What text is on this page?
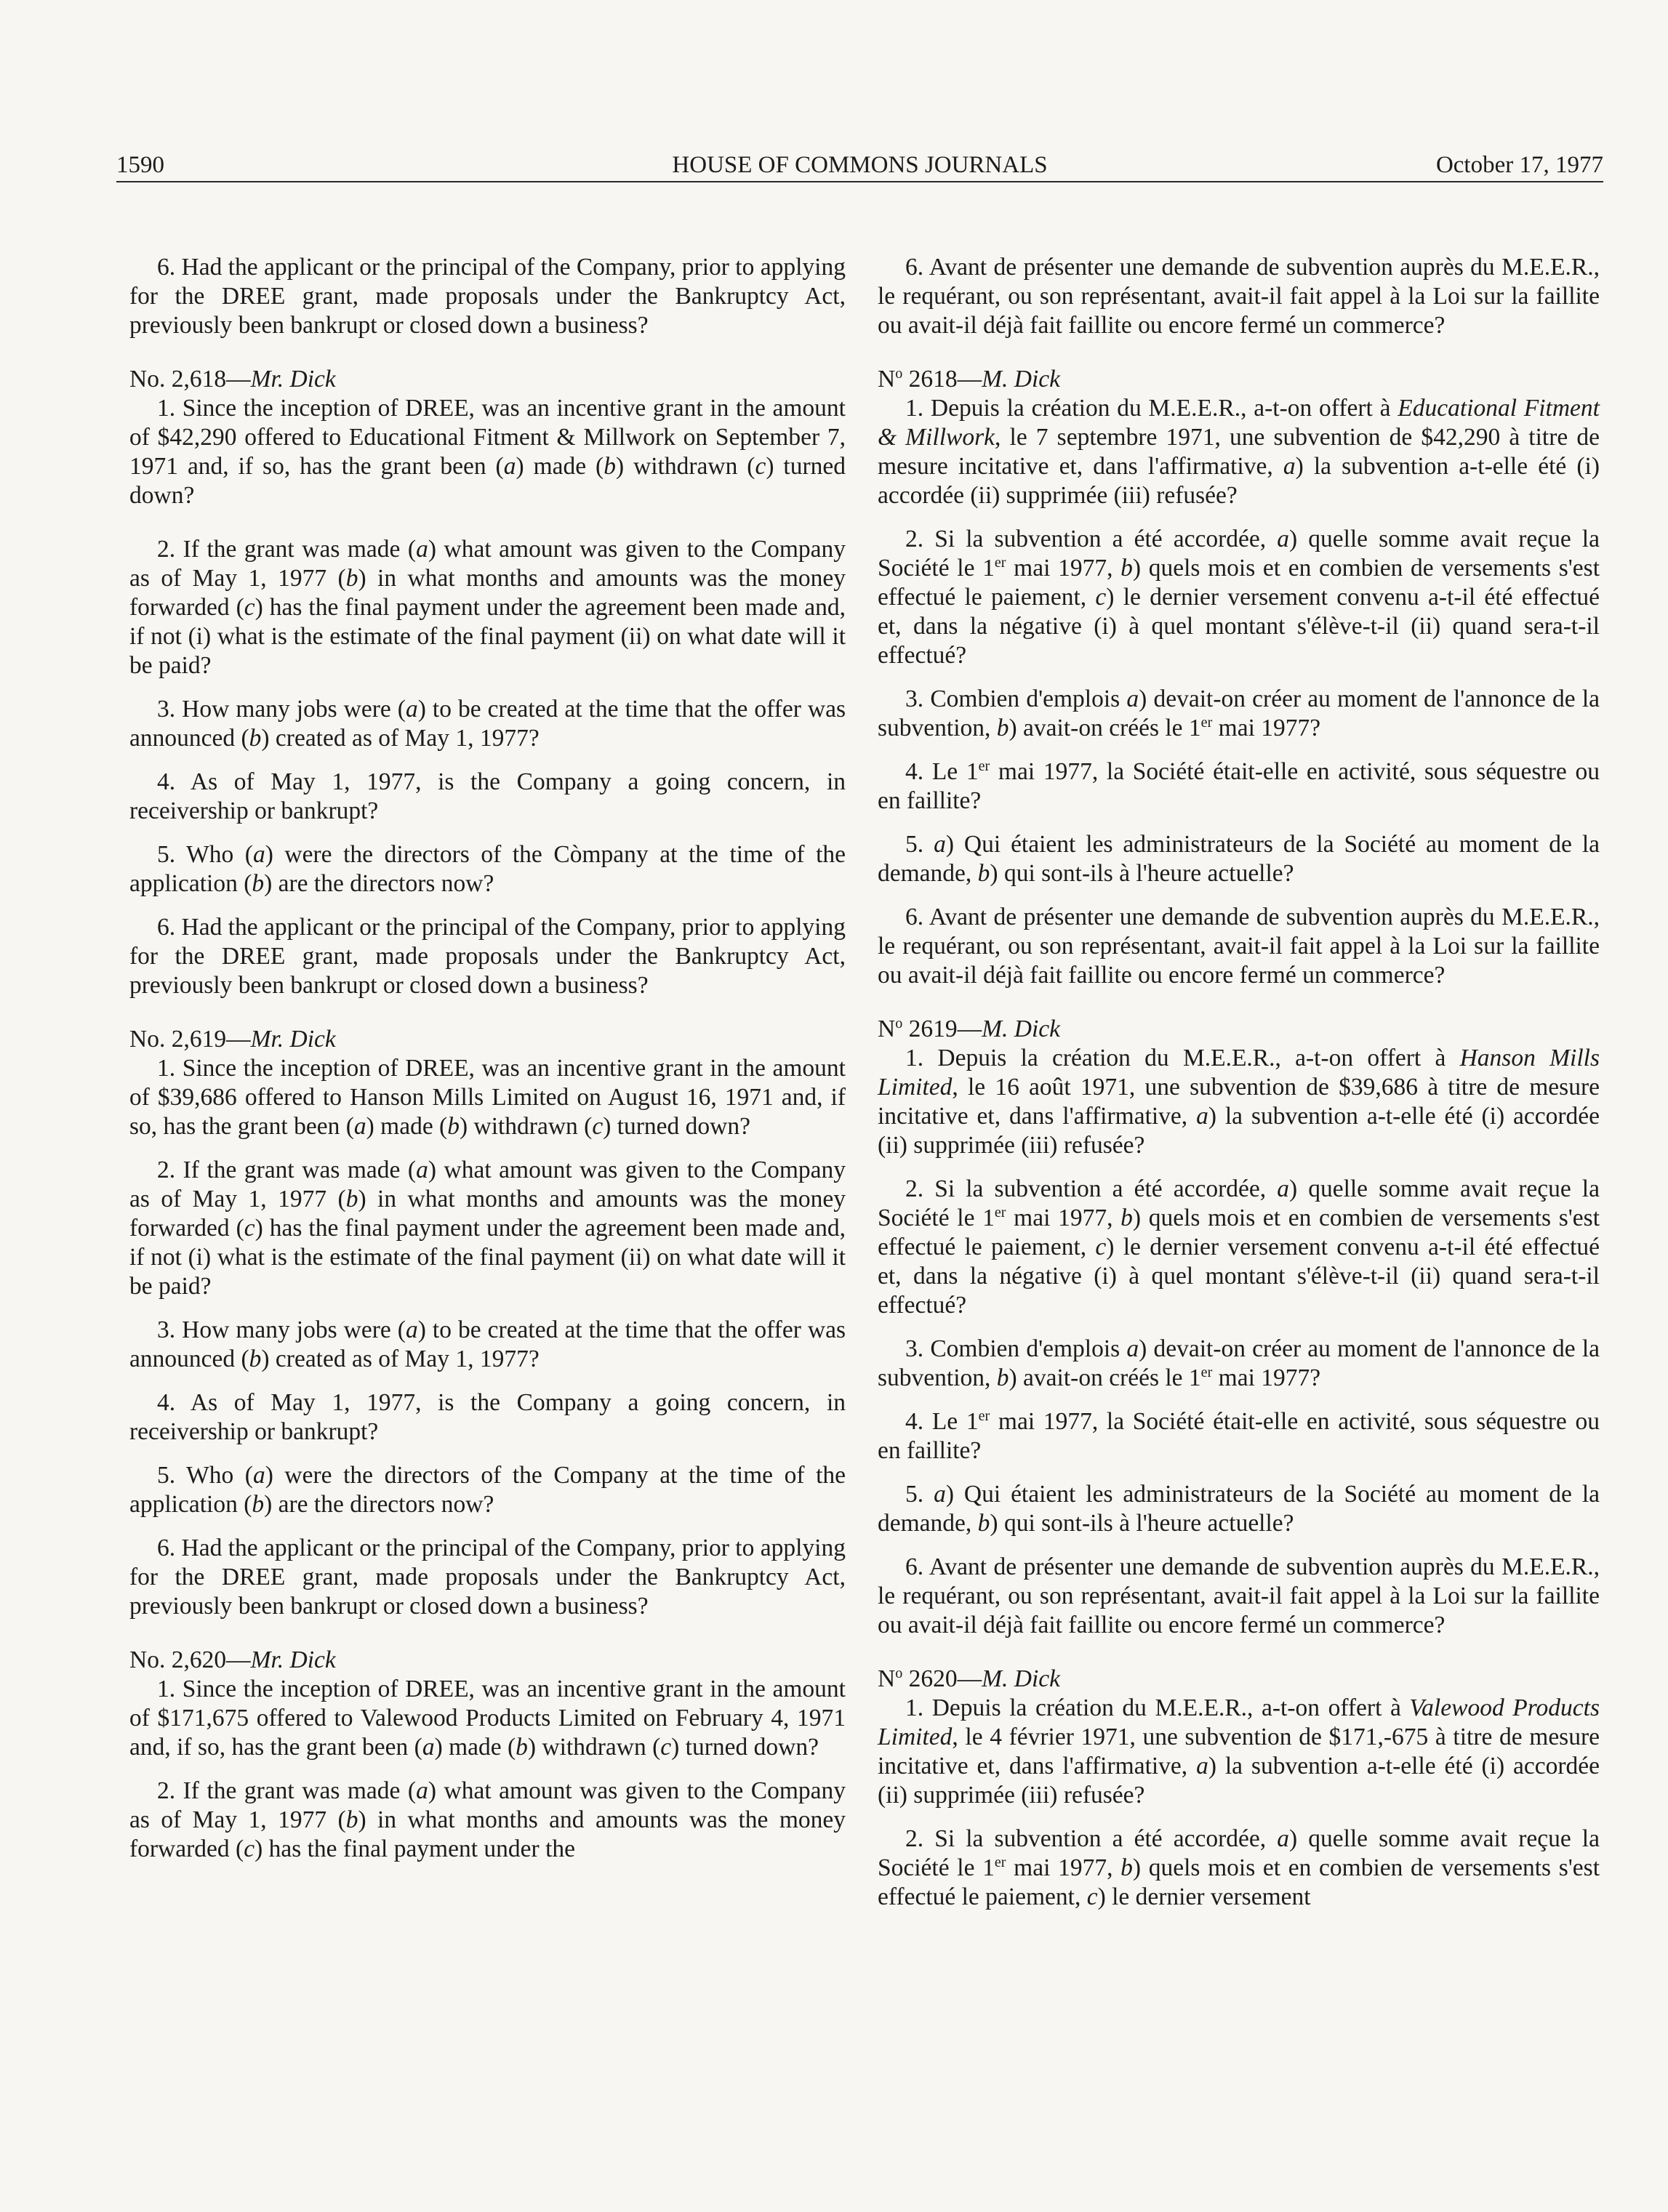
1590	HOUSE OF COMMONS JOURNALS	October 17, 1977

6. Had the applicant or the principal of the Company, prior to applying for the DREE grant, made proposals under the Bankruptcy Act, previously been bankrupt or closed down a business?

No. 2,618—Mr. Dick

1. Since the inception of DREE, was an incentive grant in the amount of $42,290 offered to Educational Fitment & Millwork on September 7, 1971 and, if so, has the grant been (a) made (b) withdrawn (c) turned down?

2. If the grant was made (a) what amount was given to the Company as of May 1, 1977 (b) in what months and amounts was the money forwarded (c) has the final payment under the agreement been made and, if not (i) what is the estimate of the final payment (ii) on what date will it be paid?

3. How many jobs were (a) to be created at the time that the offer was announced (b) created as of May 1, 1977?

4. As of May 1, 1977, is the Company a going concern, in receivership or bankrupt?

5. Who (a) were the directors of the Còmpany at the time of the application (b) are the directors now?

6. Had the applicant or the principal of the Company, prior to applying for the DREE grant, made proposals under the Bankruptcy Act, previously been bankrupt or closed down a business?

No. 2,619—Mr. Dick

1. Since the inception of DREE, was an incentive grant in the amount of $39,686 offered to Hanson Mills Limited on August 16, 1971 and, if so, has the grant been (a) made (b) withdrawn (c) turned down?

2. If the grant was made (a) what amount was given to the Company as of May 1, 1977 (b) in what months and amounts was the money forwarded (c) has the final payment under the agreement been made and, if not (i) what is the estimate of the final payment (ii) on what date will it be paid?

3. How many jobs were (a) to be created at the time that the offer was announced (b) created as of May 1, 1977?

4. As of May 1, 1977, is the Company a going concern, in receivership or bankrupt?

5. Who (a) were the directors of the Company at the time of the application (b) are the directors now?

6. Had the applicant or the principal of the Company, prior to applying for the DREE grant, made proposals under the Bankruptcy Act, previously been bankrupt or closed down a business?

No. 2,620—Mr. Dick

1. Since the inception of DREE, was an incentive grant in the amount of $171,675 offered to Valewood Products Limited on February 4, 1971 and, if so, has the grant been (a) made (b) withdrawn (c) turned down?

2. If the grant was made (a) what amount was given to the Company as of May 1, 1977 (b) in what months and amounts was the money forwarded (c) has the final payment under the

6. Avant de présenter une demande de subvention auprès du M.E.E.R., le requérant, ou son représentant, avait-il fait appel à la Loi sur la faillite ou avait-il déjà fait faillite ou encore fermé un commerce?

$N^o$ 2618—M. Dick

1. Depuis la création du M.E.E.R., a-t-on offert à Educational Fitment & Millwork, le 7 septembre 1971, une subvention de $42,290 à titre de mesure incitative et, dans l'affirmative, a) la subvention a-t-elle été (i) accordée (ii) supprimée (iii) refusée?

2. Si la subvention a été accordée, a) quelle somme avait reçue la Société le 1er mai 1977, b) quels mois et en combien de versements s'est effectué le paiement, c) le dernier versement convenu a-t-il été effectué et, dans la négative (i) à quel montant s'élève-t-il (ii) quand sera-t-il effectué?

3. Combien d'emplois a) devait-on créer au moment de l'annonce de la subvention, b) avait-on créés le 1er mai 1977?

4. Le 1er mai 1977, la Société était-elle en activité, sous séquestre ou en faillite?

5. a) Qui étaient les administrateurs de la Société au moment de la demande, b) qui sont-ils à l'heure actuelle?

6. Avant de présenter une demande de subvention auprès du M.E.E.R., le requérant, ou son représentant, avait-il fait appel à la Loi sur la faillite ou avait-il déjà fait faillite ou encore fermé un commerce?

$N^o$ 2619—M. Dick

1. Depuis la création du M.E.E.R., a-t-on offert à Hanson Mills Limited, le 16 août 1971, une subvention de $39,686 à titre de mesure incitative et, dans l'affirmative, a) la subvention a-t-elle été (i) accordée (ii) supprimée (iii) refusée?

2. Si la subvention a été accordée, a) quelle somme avait reçue la Société le 1er mai 1977, b) quels mois et en combien de versements s'est effectué le paiement, c) le dernier versement convenu a-t-il été effectué et, dans la négative (i) à quel montant s'élève-t-il (ii) quand sera-t-il effectué?

3. Combien d'emplois a) devait-on créer au moment de l'annonce de la subvention, b) avait-on créés le 1er mai 1977?

4. Le 1er mai 1977, la Société était-elle en activité, sous séquestre ou en faillite?

5. a) Qui étaient les administrateurs de la Société au moment de la demande, b) qui sont-ils à l'heure actuelle?

6. Avant de présenter une demande de subvention auprès du M.E.E.R., le requérant, ou son représentant, avait-il fait appel à la Loi sur la faillite ou avait-il déjà fait faillite ou encore fermé un commerce?

$N^o$ 2620—M. Dick

1. Depuis la création du M.E.E.R., a-t-on offert à Valewood Products Limited, le 4 février 1971, une subvention de $171,-675 à titre de mesure incitative et, dans l'affirmative, a) la subvention a-t-elle été (i) accordée (ii) supprimée (iii) refusée?

2. Si la subvention a été accordée, a) quelle somme avait reçue la Société le 1er mai 1977, b) quels mois et en combien de versements s'est effectué le paiement, c) le dernier versement
